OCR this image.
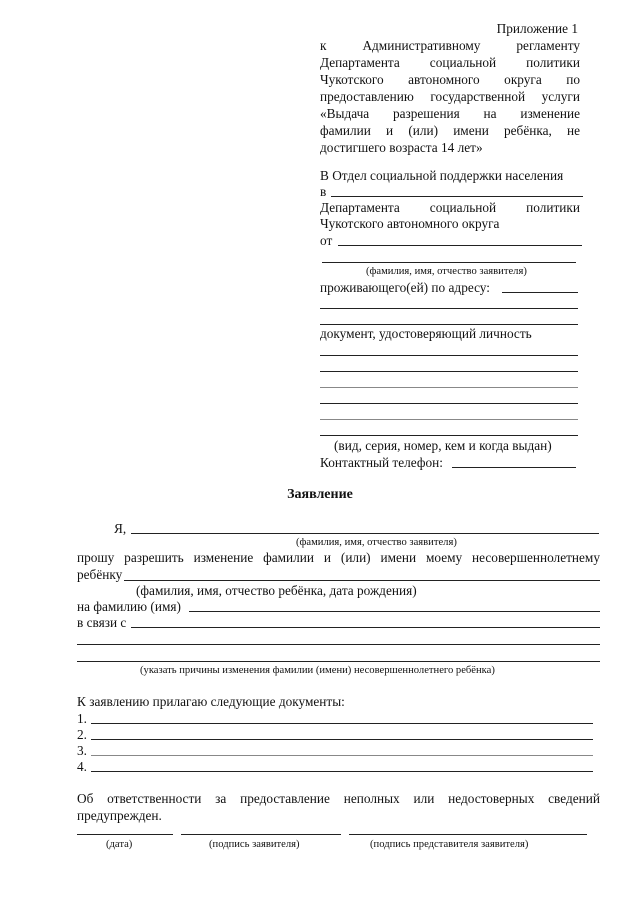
Приложение 1
к Административному регламенту
Департамента социальной политики
Чукотского автономного округа по
предоставлению государственной услуги
«Выдача разрешения на изменение
фамилии и (или) имени ребёнка, не
достигшего возраста 14 лет»
В Отдел социальной поддержки населения
в
Департамента социальной политики
Чукотского автономного округа
от
(фамилия, имя, отчество заявителя)
проживающего(ей) по адресу:
документ, удостоверяющий личность
(вид, серия, номер, кем и когда выдан)
Контактный телефон:
Заявление
Я,
(фамилия, имя, отчество заявителя)
прошу разрешить изменение фамилии и (или) имени моему несовершеннолетнему
ребёнку
(фамилия, имя, отчество ребёнка, дата рождения)
на фамилию (имя)
в связи с
(указать причины изменения фамилии (имени) несовершеннолетнего ребёнка)
К заявлению прилагаю следующие документы:
1.
2.
3.
4.
Об ответственности за предоставление неполных или недостоверных сведений предупрежден.
(дата)	(подпись заявителя)	(подпись представителя заявителя)
